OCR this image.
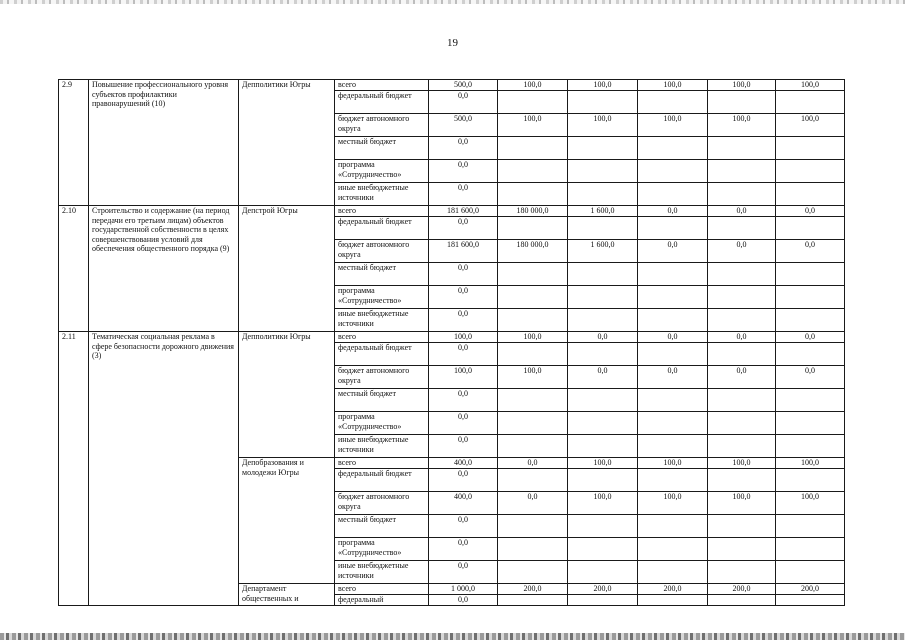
19
2.9	Повышение профессионального уровня субъектов профилактики правонарушений (10)	Депполитики Югры	всего	500,0	100,0	100,0	100,0	100,0	100,0
			федеральный бюджет	0,0					
			бюджет автономного округа	500,0	100,0	100,0	100,0	100,0	100,0
			местный бюджет	0,0					
			программа «Сотрудничество»	0,0					
			иные внебюджетные источники	0,0					
2.10	Строительство и содержание (на период передачи его третьим лицам) объектов государственной собственности в целях совершенствования условий для обеспечения общественного порядка (9)	Депстрой Югры	всего	181 600,0	180 000,0	1 600,0	0,0	0,0	0,0
			федеральный бюджет	0,0					
			бюджет автономного округа	181 600,0	180 000,0	1 600,0	0,0	0,0	0,0
			местный бюджет	0,0					
			программа «Сотрудничество»	0,0					
			иные внебюджетные источники	0,0					
2.11	Тематическая социальная реклама в сфере безопасности дорожного движения (3)	Депполитики Югры	всего	100,0	100,0	0,0	0,0	0,0	0,0
			федеральный бюджет	0,0					
			бюджет автономного округа	100,0	100,0	0,0	0,0	0,0	0,0
			местный бюджет	0,0					
			программа «Сотрудничество»	0,0					
			иные внебюджетные источники	0,0					
		Депобразования и молодежи Югры	всего	400,0	0,0	100,0	100,0	100,0	100,0
			федеральный бюджет	0,0					
			бюджет автономного округа	400,0	0,0	100,0	100,0	100,0	100,0
			местный бюджет	0,0					
			программа «Сотрудничество»	0,0					
			иные внебюджетные источники	0,0					
		Департамент общественных и	всего	1 000,0	200,0	200,0	200,0	200,0	200,0
			федеральный	0,0					
